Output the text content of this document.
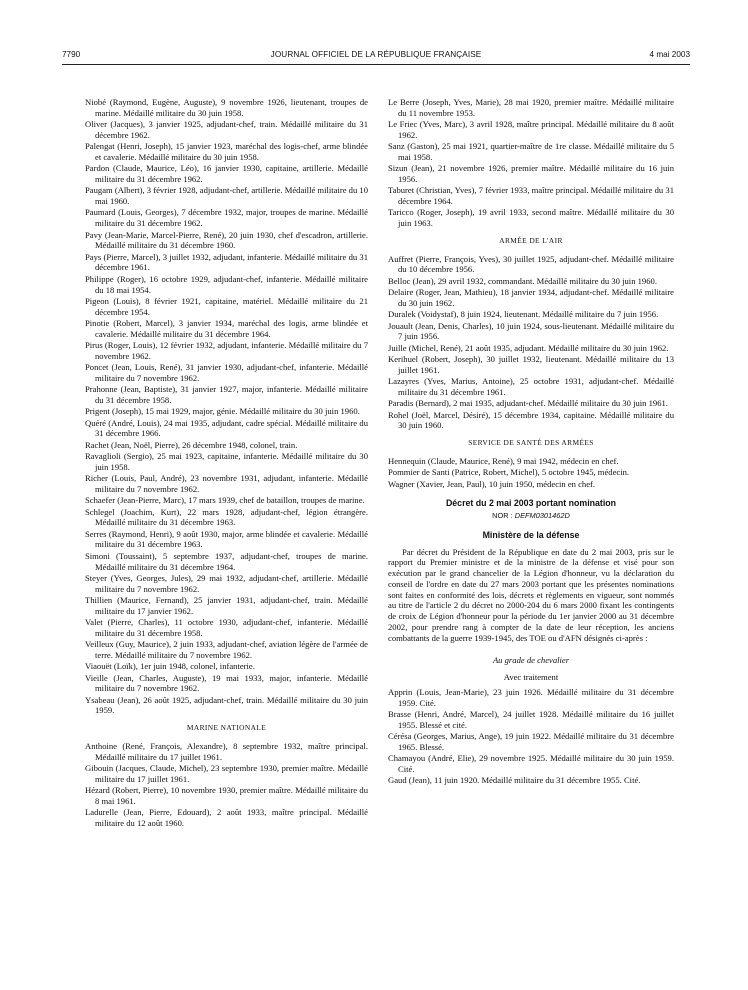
7790	JOURNAL OFFICIEL DE LA RÉPUBLIQUE FRANÇAISE	4 mai 2003

Niobé (Raymond, Eugène, Auguste), 9 novembre 1926, lieutenant, troupes de marine. Médaillé militaire du 30 juin 1958.

Oliver (Jacques), 3 janvier 1925, adjudant-chef, train. Médaillé militaire du 31 décembre 1962.

Palengat (Henri, Joseph), 15 janvier 1923, maréchal des logis-chef, arme blindée et cavalerie. Médaillé militaire du 30 juin 1958.

Pardon (Claude, Maurice, Léo), 16 janvier 1930, capitaine, artillerie. Médaillé militaire du 31 décembre 1962.

Paugam (Albert), 3 février 1928, adjudant-chef, artillerie. Médaillé militaire du 10 mai 1960.

Paumard (Louis, Georges), 7 décembre 1932, major, troupes de marine. Médaillé militaire du 31 décembre 1962.

Pavy (Jean-Marie, Marcel-Pierre, René), 20 juin 1930, chef d'escadron, artillerie. Médaillé militaire du 31 décembre 1960.

Pays (Pierre, Marcel), 3 juillet 1932, adjudant, infanterie. Médaillé militaire du 31 décembre 1961.

Philippe (Roger), 16 octobre 1929, adjudant-chef, infanterie. Médaillé militaire du 18 mai 1954.

Pigeon (Louis), 8 février 1921, capitaine, matériel. Médaillé militaire du 21 décembre 1954.

Pinotie (Robert, Marcel), 3 janvier 1934, maréchal des logis, arme blindée et cavalerie. Médaillé militaire du 31 décembre 1964.

Pirus (Roger, Louis), 12 février 1932, adjudant, infanterie. Médaillé militaire du 7 novembre 1962.

Poncet (Jean, Louis, René), 31 janvier 1930, adjudant-chef, infanterie. Médaillé militaire du 7 novembre 1962.

Prahonne (Jean, Baptiste), 31 janvier 1927, major, infanterie. Médaillé militaire du 31 décembre 1958.

Prigent (Joseph), 15 mai 1929, major, génie. Médaillé militaire du 30 juin 1960.

Quéré (André, Louis), 24 mai 1935, adjudant, cadre spécial. Médaillé militaire du 31 décembre 1966.

Rachet (Jean, Noël, Pierre), 26 décembre 1948, colonel, train.

Ravaglioli (Sergio), 25 mai 1923, capitaine, infanterie. Médaillé militaire du 30 juin 1958.

Richer (Louis, Paul, André), 23 novembre 1931, adjudant, infanterie. Médaillé militaire du 7 novembre 1962.

Schaefer (Jean-Pierre, Marc), 17 mars 1939, chef de bataillon, troupes de marine.

Schlegel (Joachim, Kurt), 22 mars 1928, adjudant-chef, légion étrangère. Médaillé militaire du 31 décembre 1963.

Serres (Raymond, Henri), 9 août 1930, major, arme blindée et cavalerie. Médaillé militaire du 31 décembre 1963.

Simoni (Toussaint), 5 septembre 1937, adjudant-chef, troupes de marine. Médaillé militaire du 31 décembre 1964.

Steyer (Yves, Georges, Jules), 29 mai 1932, adjudant-chef, artillerie. Médaillé militaire du 7 novembre 1962.

Thillien (Maurice, Fernand), 25 janvier 1931, adjudant-chef, train. Médaillé militaire du 17 janvier 1962.

Valet (Pierre, Charles), 11 octobre 1930, adjudant-chef, infanterie. Médaillé militaire du 31 décembre 1958.

Veilleux (Guy, Maurice), 2 juin 1933, adjudant-chef, aviation légère de l'armée de terre. Médaillé militaire du 7 novembre 1962.

Viaouët (Loïk), 1er juin 1948, colonel, infanterie.

Vieille (Jean, Charles, Auguste), 19 mai 1933, major, infanterie. Médaillé militaire du 7 novembre 1962.

Ysabeau (Jean), 26 août 1925, adjudant-chef, train. Médaillé militaire du 30 juin 1959.

MARINE NATIONALE

Anthoine (René, François, Alexandre), 8 septembre 1932, maître principal. Médaillé militaire du 17 juillet 1961.

Gibouin (Jacques, Claude, Michel), 23 septembre 1930, premier maître. Médaillé militaire du 17 juillet 1961.

Hézard (Robert, Pierre), 10 novembre 1930, premier maître. Médaillé militaire du 8 mai 1961.

Ladurelle (Jean, Pierre, Edouard), 2 août 1933, maître principal. Médaillé militaire du 12 août 1960.

Le Berre (Joseph, Yves, Marie), 28 mai 1920, premier maître. Médaillé militaire du 11 novembre 1953.

Le Friec (Yves, Marc), 3 avril 1928, maître principal. Médaillé militaire du 8 août 1962.

Sanz (Gaston), 25 mai 1921, quartier-maître de 1re classe. Médaillé militaire du 5 mai 1958.

Sizun (Jean), 21 novembre 1926, premier maître. Médaillé militaire du 16 juin 1956.

Taburet (Christian, Yves), 7 février 1933, maître principal. Médaillé militaire du 31 décembre 1964.

Taricco (Roger, Joseph), 19 avril 1933, second maître. Médaillé militaire du 30 juin 1963.

ARMÉE DE L'AIR

Auffret (Pierre, François, Yves), 30 juillet 1925, adjudant-chef. Médaillé militaire du 10 décembre 1956.

Belloc (Jean), 29 avril 1932, commandant. Médaillé militaire du 30 juin 1960.

Delaire (Roger, Jean, Mathieu), 18 janvier 1934, adjudant-chef. Médaillé militaire du 30 juin 1962.

Duralek (Voidystaf), 8 juin 1924, lieutenant. Médaillé militaire du 7 juin 1956.

Jouault (Jean, Denis, Charles), 10 juin 1924, sous-lieutenant. Médaillé militaire du 7 juin 1956.

Juille (Michel, René), 21 août 1935, adjudant. Médaillé militaire du 30 juin 1962.

Kerihuel (Robert, Joseph), 30 juillet 1932, lieutenant. Médaillé militaire du 13 juillet 1961.

Lazayres (Yves, Marius, Antoine), 25 octobre 1931, adjudant-chef. Médaillé militaire du 31 décembre 1961.

Paradis (Bernard), 2 mai 1935, adjudant-chef. Médaillé militaire du 30 juin 1961.

Rohel (Joël, Marcel, Désiré), 15 décembre 1934, capitaine. Médaillé militaire du 30 juin 1960.

SERVICE DE SANTÉ DES ARMÉES

Hennequin (Claude, Maurice, René), 9 mai 1942, médecin en chef.

Pommier de Santi (Patrice, Robert, Michel), 5 octobre 1945, médecin.

Wagner (Xavier, Jean, Paul), 10 juin 1950, médecin en chef.

Décret du 2 mai 2003 portant nomination
NOR : DEFM0301462D
Ministère de la défense

Par décret du Président de la République en date du 2 mai 2003, pris sur le rapport du Premier ministre et de la ministre de la défense et visé pour son exécution par le grand chancelier de la Légion d'honneur, vu la déclaration du conseil de l'ordre en date du 27 mars 2003 portant que les présentes nominations sont faites en conformité des lois, décrets et règlements en vigueur, sont nommés au titre de l'article 2 du décret no 2000-204 du 6 mars 2000 fixant les contingents de croix de Légion d'honneur pour la période du 1er janvier 2000 au 31 décembre 2002, pour prendre rang à compter de la date de leur réception, les anciens combattants de la guerre 1939-1945, des TOE ou d'AFN désignés ci-après :

Au grade de chevalier
Avec traitement

Apprin (Louis, Jean-Marie), 23 juin 1926. Médaillé militaire du 31 décembre 1959. Cité.

Brasse (Henri, André, Marcel), 24 juillet 1928. Médaillé militaire du 16 juillet 1955. Blessé et cité.

Cérésa (Georges, Marius, Ange), 19 juin 1922. Médaillé militaire du 31 décembre 1965. Blessé.

Chamayou (André, Elie), 29 novembre 1925. Médaillé militaire du 30 juin 1959. Cité.

Gaud (Jean), 11 juin 1920. Médaillé militaire du 31 décembre 1955. Cité.
